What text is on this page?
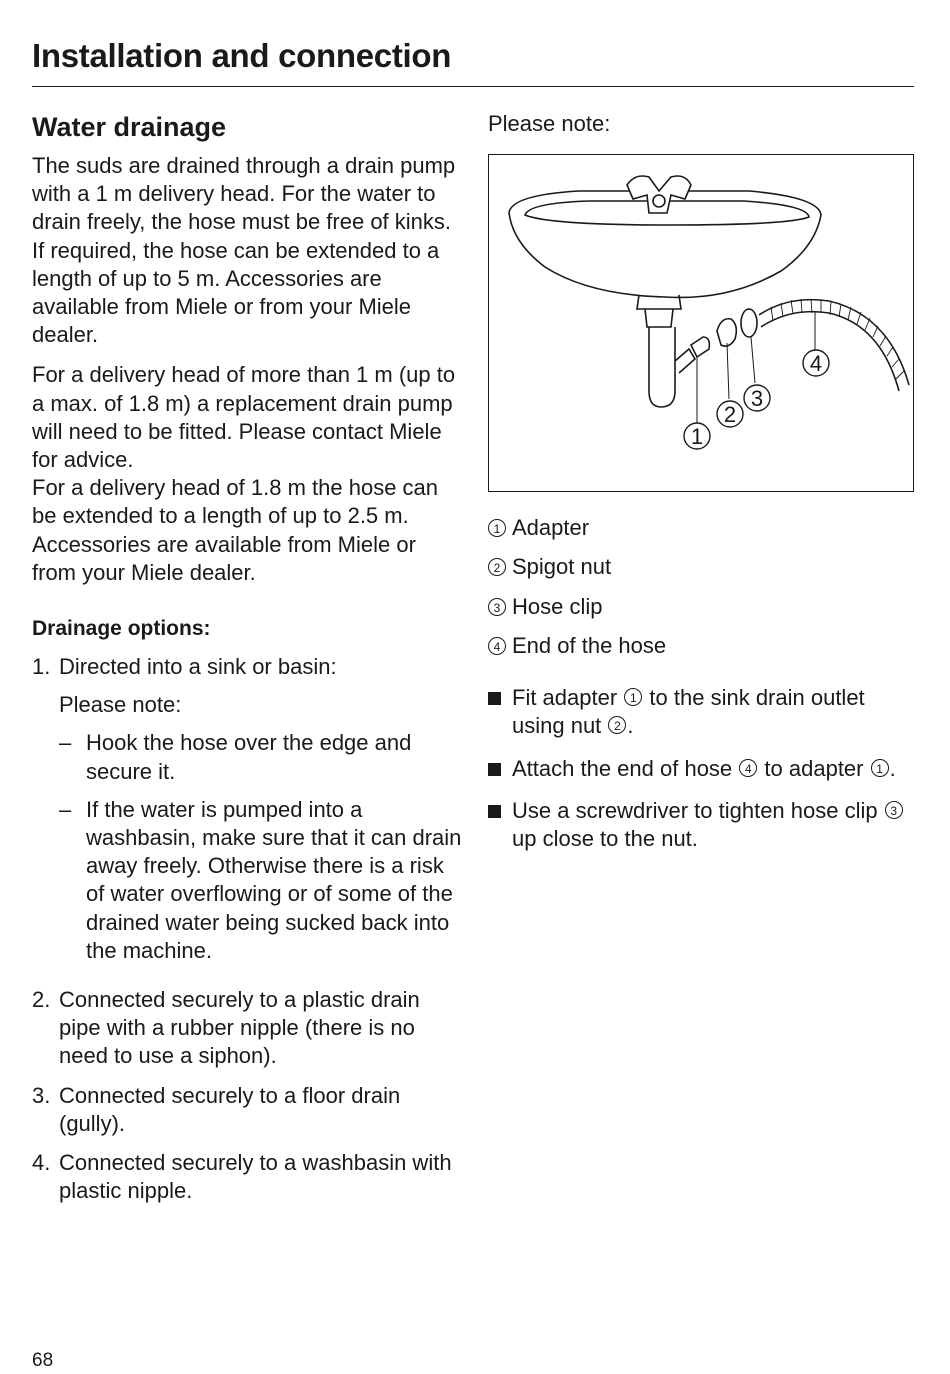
Installation and connection
Water drainage

The suds are drained through a drain pump with a 1 m delivery head. For the water to drain freely, the hose must be free of kinks.

If required, the hose can be extended to a length of up to 5 m. Accessories are available from Miele or from your Miele dealer.

For a delivery head of more than 1 m (up to a max. of 1.8 m) a replacement drain pump will need to be fitted. Please contact Miele for advice.

For a delivery head of 1.8 m the hose can be extended to a length of up to 2.5 m. Accessories are available from Miele or from your Miele dealer.

Drainage options:
1. Directed into a sink or basin:
Please note:
– Hook the hose over the edge and secure it.
– If the water is pumped into a washbasin, make sure that it can drain away freely. Otherwise there is a risk of water overflowing or of some of the drained water being sucked back into the machine.
2. Connected securely to a plastic drain pipe with a rubber nipple (there is no need to use a siphon).
3. Connected securely to a floor drain (gully).
4. Connected securely to a washbasin with plastic nipple.
Please note:
1
2
3
4
1 Adapter
2 Spigot nut
3 Hose clip
4 End of the hose
Fit adapter 1 to the sink drain outlet using nut 2 .
Attach the end of hose 4 to adapter 1 .
Use a screwdriver to tighten hose clip 3 up close to the nut.
68
